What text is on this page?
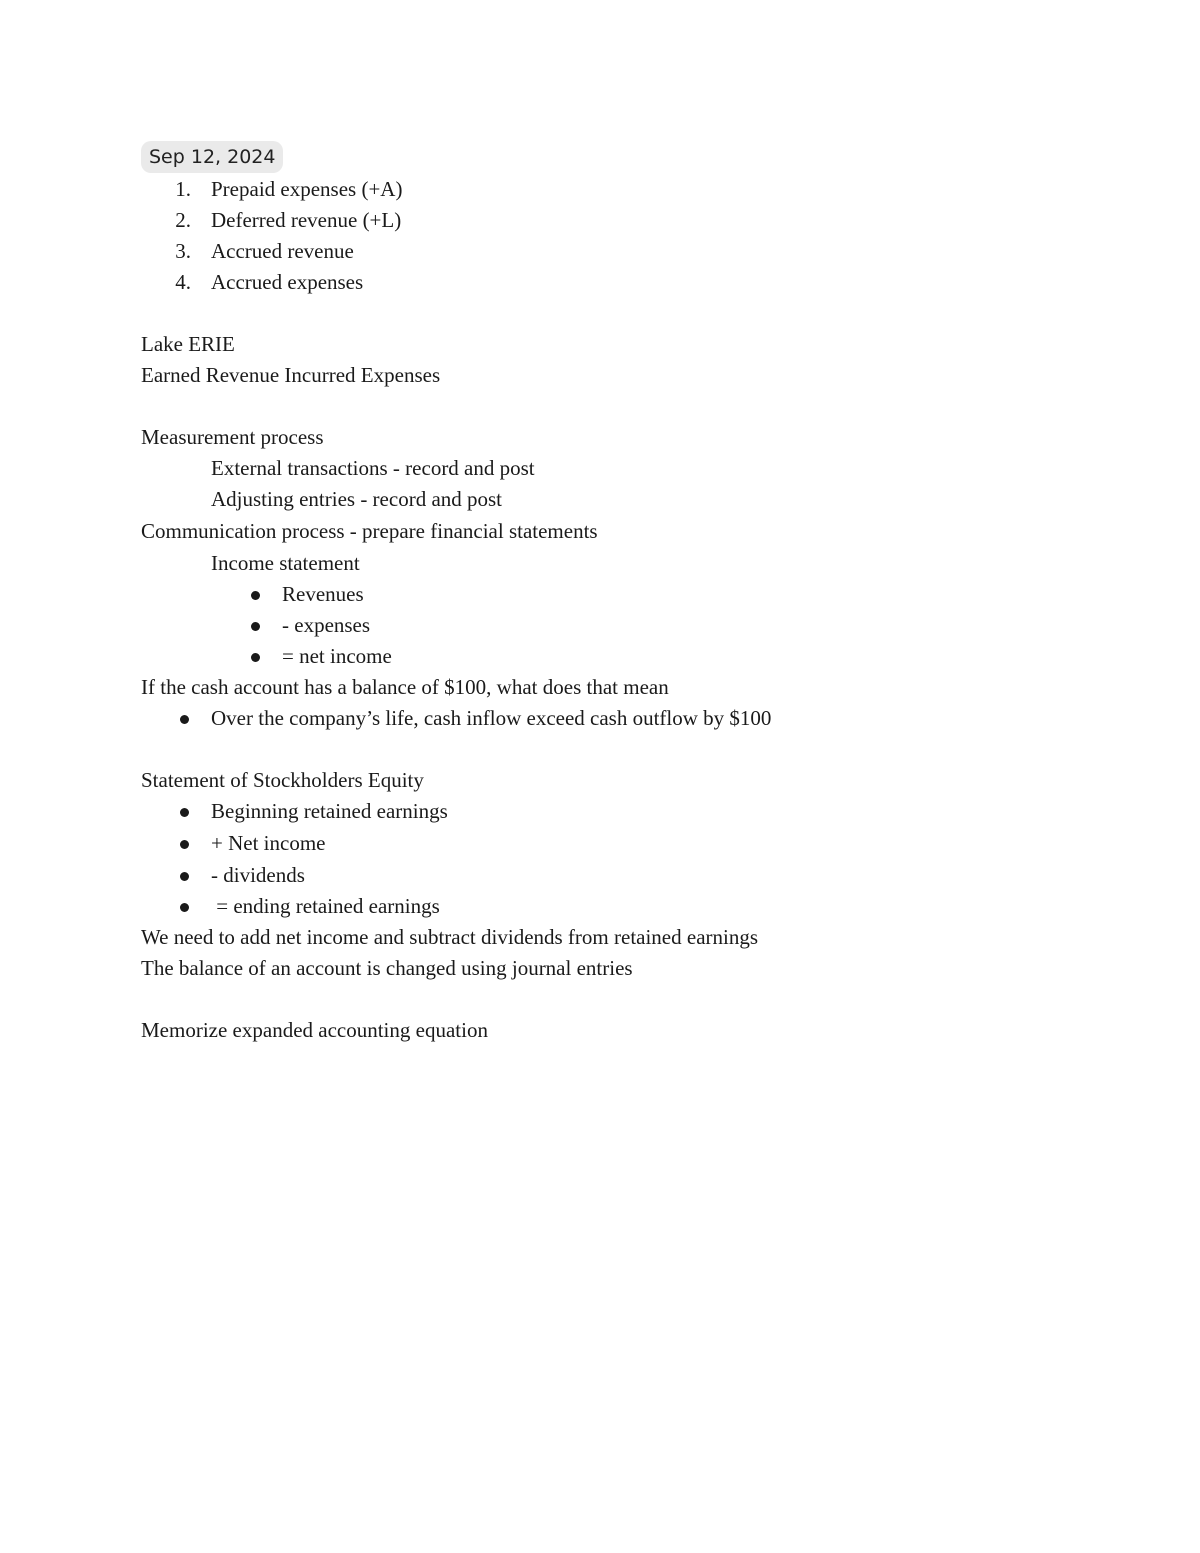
Sep 12, 2024
1. Prepaid expenses (+A)
2. Deferred revenue (+L)
3. Accrued revenue
4. Accrued expenses
Lake ERIE
Earned Revenue Incurred Expenses
Measurement process
External transactions - record and post
Adjusting entries - record and post
Communication process - prepare financial statements
Income statement
Revenues
- expenses
= net income
If the cash account has a balance of $100, what does that mean
Over the company’s life, cash inflow exceed cash outflow by $100
Statement of Stockholders Equity
Beginning retained earnings
+ Net income
- dividends
= ending retained earnings
We need to add net income and subtract dividends from retained earnings
The balance of an account is changed using journal entries
Memorize expanded accounting equation
